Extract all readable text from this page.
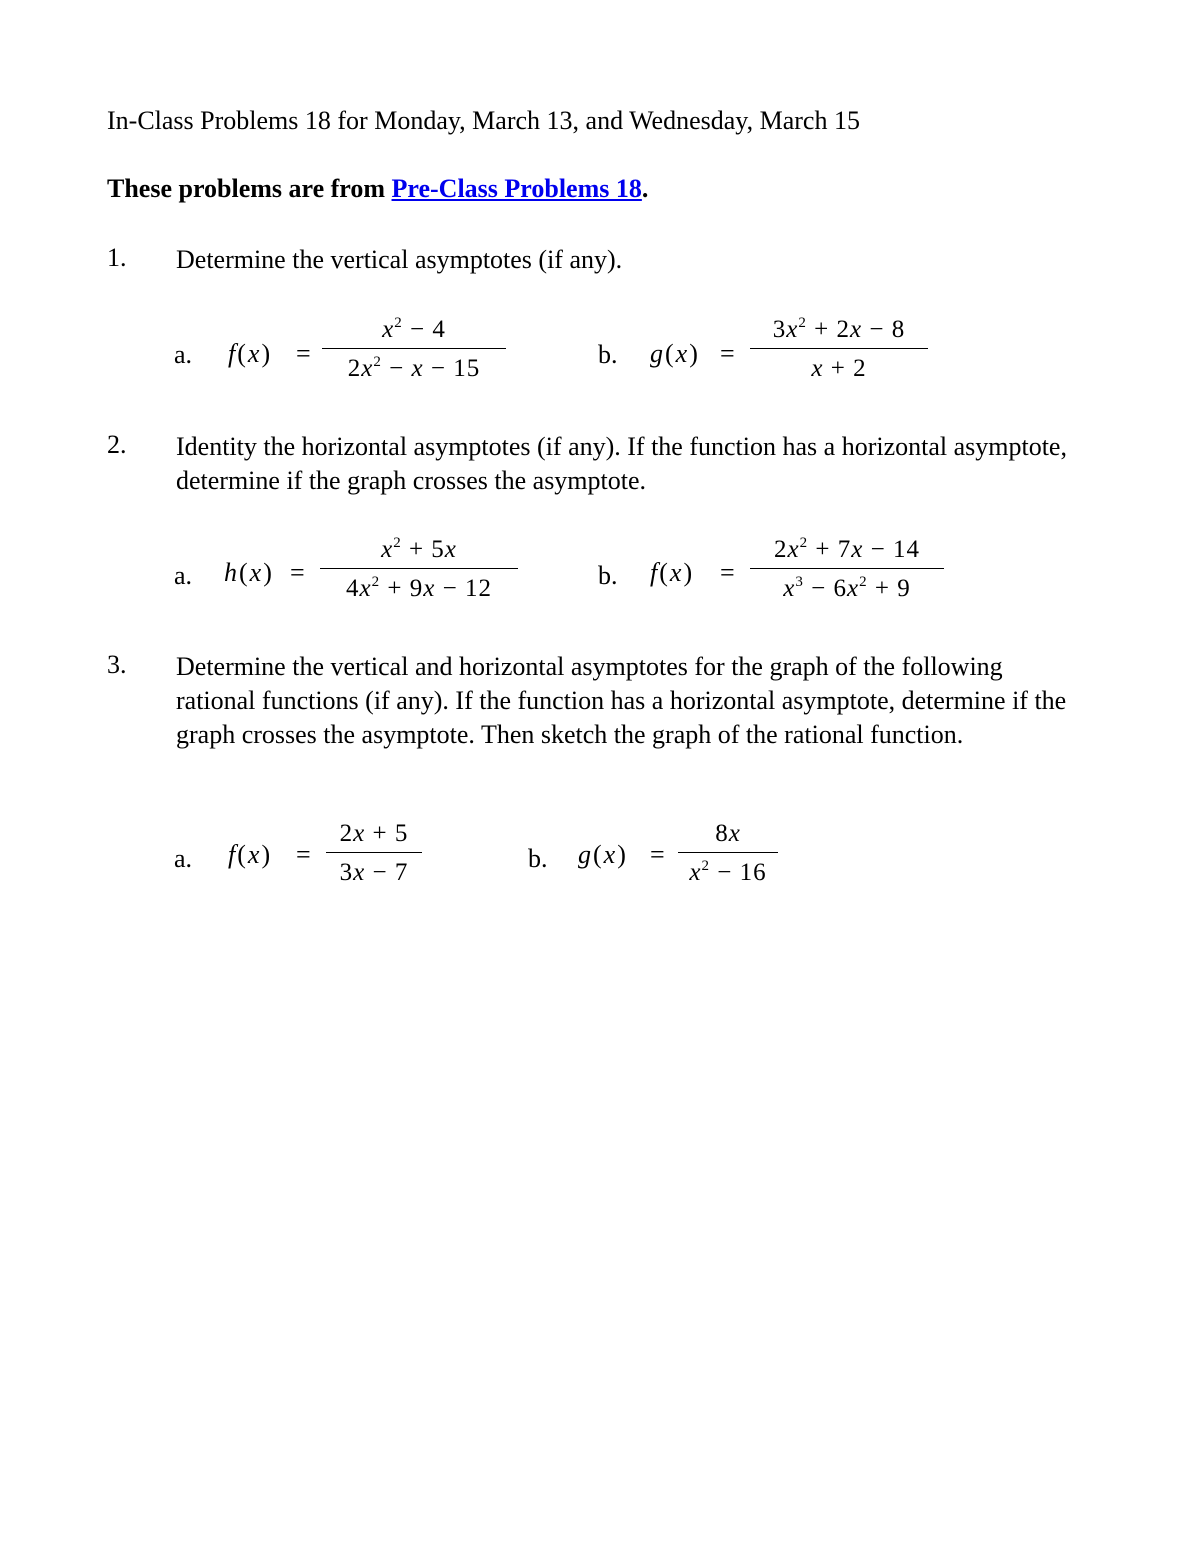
In-Class Problems 18 for Monday, March 13, and Wednesday, March 15
These problems are from Pre-Class Problems 18.
1. Determine the vertical asymptotes (if any).
a. f(x) =
$x^2 - 4$
$2x^2 - x - 15$	b. g(x) =
$3x^2 + 2x - 8$
x + 2
2. Identity the horizontal asymptotes (if any). If the function has a horizontal asymptote, determine if the graph crosses the asymptote.
a. h(x) =
$x^2 + 5x$
$4x^2 + 9x - 12$	b. f(x) =
$2x^2 + 7x - 14$
$x^3 - 6x^2 + 9$
3. Determine the vertical and horizontal asymptotes for the graph of the following rational functions (if any). If the function has a horizontal asymptote, determine if the graph crosses the asymptote. Then sketch the graph of the rational function.
a. f(x) =
2x + 5
3x − 7	b. g(x) =
8x
$x^2 - 16$
